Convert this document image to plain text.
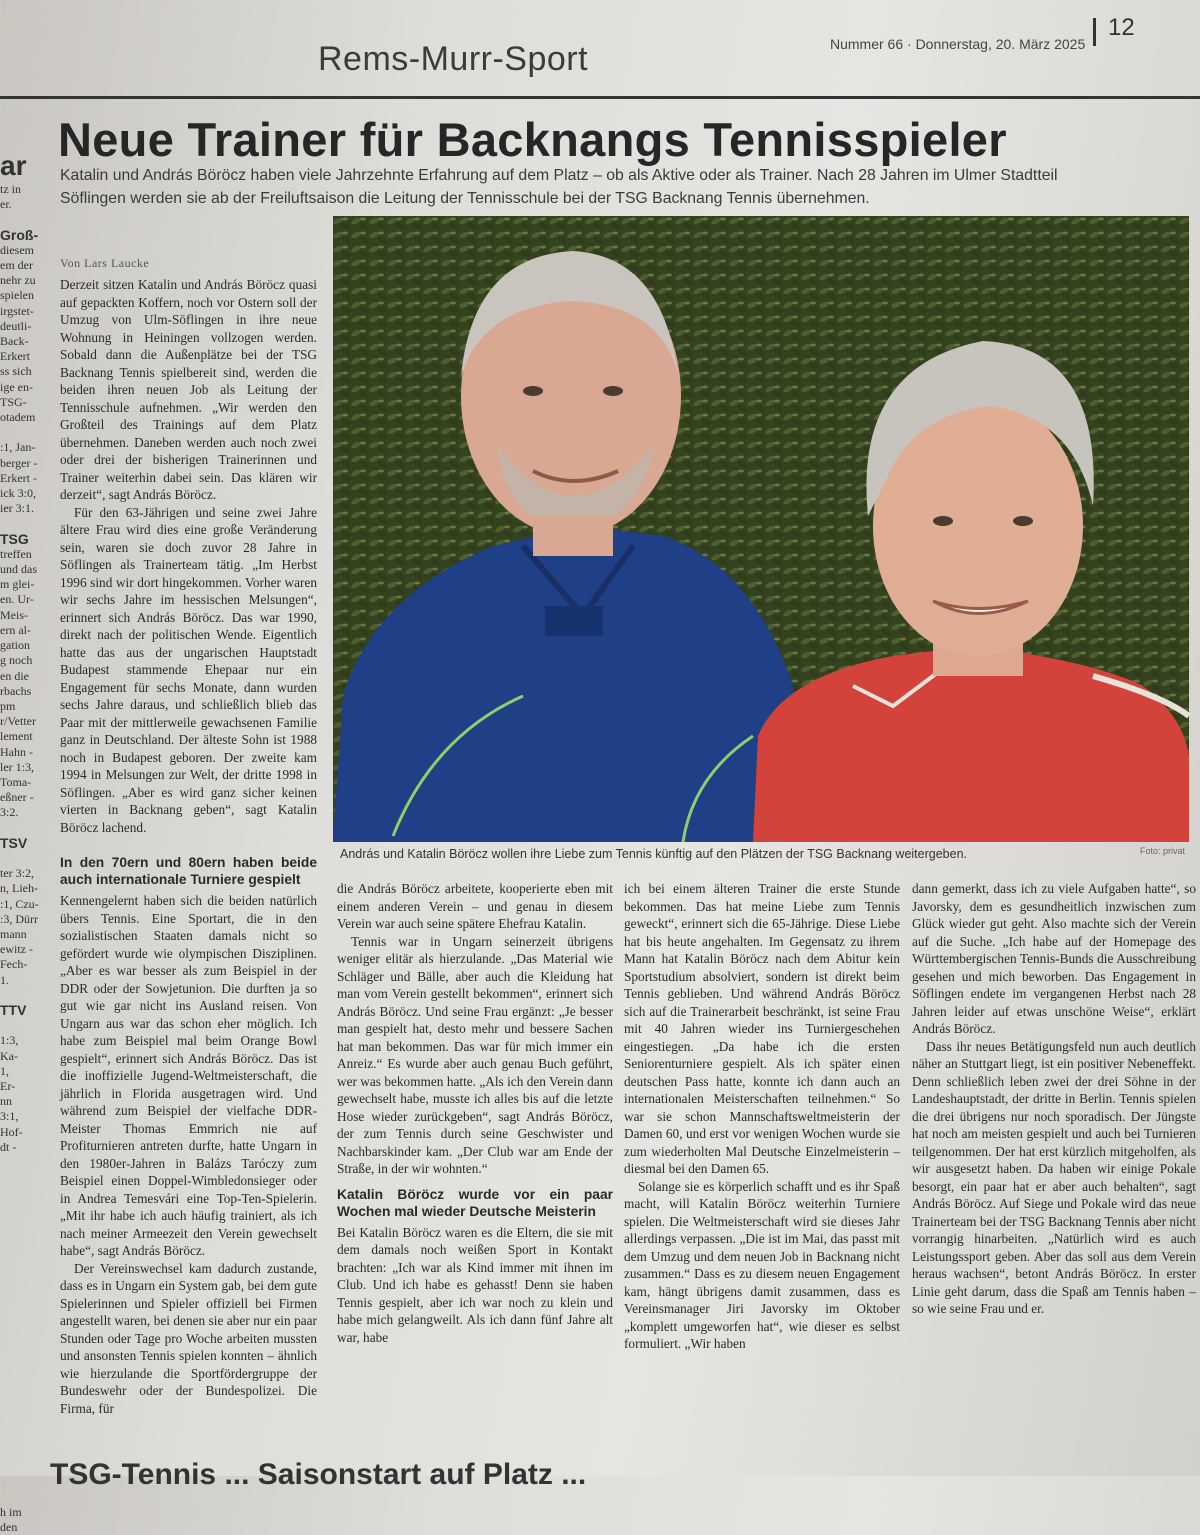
Rems-Murr-Sport	Nummer 66 · Donnerstag, 20. März 2025
12
ar

tz in

er.

Groß-

diesem

em der

nehr zu

spielen

irgstet-

deutli-

Back-

Erkert

ss sich

ige en-

TSG-

otadem

:1, Jan-

berger -

Erkert -

ick 3:0,

ier 3:1.

TSG

treffen

und das

m glei-

en. Ur-

Meis-

ern al-

gation

g noch

en die

rbachs

pm

r/Vetter

lement

Hahn -

ler 1:3,

Toma-

eßner -

3:2.

TSV

ter 3:2,

n, Lieh-

:1, Czu-

:3, Dürr

mann

ewitz -

Fech-

1.

TTV

1:3,

Ka-

1,

Er-

nn

3:1,

Hof-

dt -

h im

den

Neue Trainer für Backnangs Tennisspieler
Katalin und András Böröcz haben viele Jahrzehnte Erfahrung auf dem Platz – ob als Aktive oder als Trainer. Nach 28 Jahren im Ulmer Stadtteil Söflingen werden sie ab der Freiluftsaison die Leitung der Tennisschule bei der TSG Backnang Tennis übernehmen.
Von Lars Laucke

Derzeit sitzen Katalin und András Böröcz quasi auf gepackten Koffern, noch vor Ostern soll der Umzug von Ulm-Söflingen in ihre neue Wohnung in Heiningen vollzogen werden. Sobald dann die Außenplätze bei der TSG Backnang Tennis spielbereit sind, werden die beiden ihren neuen Job als Leitung der Tennisschule aufnehmen. „Wir werden den Großteil des Trainings auf dem Platz übernehmen. Daneben werden auch noch zwei oder drei der bisherigen Trainerinnen und Trainer weiterhin dabei sein. Das klären wir derzeit“, sagt András Böröcz.

Für den 63-Jährigen und seine zwei Jahre ältere Frau wird dies eine große Veränderung sein, waren sie doch zuvor 28 Jahre in Söflingen als Trainerteam tätig. „Im Herbst 1996 sind wir dort hingekommen. Vorher waren wir sechs Jahre im hessischen Melsungen“, erinnert sich András Böröcz. Das war 1990, direkt nach der politischen Wende. Eigentlich hatte das aus der ungarischen Hauptstadt Budapest stammende Ehepaar nur ein Engagement für sechs Monate, dann wurden sechs Jahre daraus, und schließlich blieb das Paar mit der mittlerweile gewachsenen Familie ganz in Deutschland. Der älteste Sohn ist 1988 noch in Budapest geboren. Der zweite kam 1994 in Melsungen zur Welt, der dritte 1998 in Söflingen. „Aber es wird ganz sicher keinen vierten in Backnang geben“, sagt Katalin Böröcz lachend.

In den 70ern und 80ern haben beide auch internationale Turniere gespielt

Kennengelernt haben sich die beiden natürlich übers Tennis. Eine Sportart, die in den sozialistischen Staaten damals nicht so gefördert wurde wie olympischen Disziplinen. „Aber es war besser als zum Beispiel in der DDR oder der Sowjetunion. Die durften ja so gut wie gar nicht ins Ausland reisen. Von Ungarn aus war das schon eher möglich. Ich habe zum Beispiel mal beim Orange Bowl gespielt“, erinnert sich András Böröcz. Das ist die inoffizielle Jugend-Weltmeisterschaft, die jährlich in Florida ausgetragen wird. Und während zum Beispiel der vielfache DDR-Meister Thomas Emmrich nie auf Profiturnieren antreten durfte, hatte Ungarn in den 1980er-Jahren in Balázs Taróczy zum Beispiel einen Doppel-Wimbledonsieger oder in Andrea Temesvári eine Top-Ten-Spielerin. „Mit ihr habe ich auch häufig trainiert, als ich nach meiner Armeezeit den Verein gewechselt habe“, sagt András Böröcz.

Der Vereinswechsel kam dadurch zustande, dass es in Ungarn ein System gab, bei dem gute Spielerinnen und Spieler offiziell bei Firmen angestellt waren, bei denen sie aber nur ein paar Stunden oder Tage pro Woche arbeiten mussten und ansonsten Tennis spielen konnten – ähnlich wie hierzulande die Sportfördergruppe der Bundeswehr oder der Bundespolizei. Die Firma, für

András und Katalin Böröcz wollen ihre Liebe zum Tennis künftig auf den Plätzen der TSG Backnang weitergeben.	Foto: privat

die András Böröcz arbeitete, kooperierte eben mit einem anderen Verein – und genau in diesem Verein war auch seine spätere Ehefrau Katalin.

Tennis war in Ungarn seinerzeit übrigens weniger elitär als hierzulande. „Das Material wie Schläger und Bälle, aber auch die Kleidung hat man vom Verein gestellt bekommen“, erinnert sich András Böröcz. Und seine Frau ergänzt: „Je besser man gespielt hat, desto mehr und bessere Sachen hat man bekommen. Das war für mich immer ein Anreiz.“ Es wurde aber auch genau Buch geführt, wer was bekommen hatte. „Als ich den Verein dann gewechselt habe, musste ich alles bis auf die letzte Hose wieder zurückgeben“, sagt András Böröcz, der zum Tennis durch seine Geschwister und Nachbarskinder kam. „Der Club war am Ende der Straße, in der wir wohnten.“

Katalin Böröcz wurde vor ein paar Wochen mal wieder Deutsche Meisterin

Bei Katalin Böröcz waren es die Eltern, die sie mit dem damals noch weißen Sport in Kontakt brachten: „Ich war als Kind immer mit ihnen im Club. Und ich habe es gehasst! Denn sie haben Tennis gespielt, aber ich war noch zu klein und habe mich gelangweilt. Als ich dann fünf Jahre alt war, habe

ich bei einem älteren Trainer die erste Stunde bekommen. Das hat meine Liebe zum Tennis geweckt“, erinnert sich die 65-Jährige. Diese Liebe hat bis heute angehalten. Im Gegensatz zu ihrem Mann hat Katalin Böröcz nach dem Abitur kein Sportstudium absolviert, sondern ist direkt beim Tennis geblieben. Und während András Böröcz sich auf die Trainerarbeit beschränkt, ist seine Frau mit 40 Jahren wieder ins Turniergeschehen eingestiegen. „Da habe ich die ersten Seniorenturniere gespielt. Als ich später einen deutschen Pass hatte, konnte ich dann auch an internationalen Meisterschaften teilnehmen.“ So war sie schon Mannschaftsweltmeisterin der Damen 60, und erst vor wenigen Wochen wurde sie zum wiederholten Mal Deutsche Einzelmeisterin – diesmal bei den Damen 65.

Solange sie es körperlich schafft und es ihr Spaß macht, will Katalin Böröcz weiterhin Turniere spielen. Die Weltmeisterschaft wird sie dieses Jahr allerdings verpassen. „Die ist im Mai, das passt mit dem Umzug und dem neuen Job in Backnang nicht zusammen.“ Dass es zu diesem neuen Engagement kam, hängt übrigens damit zusammen, dass es Vereinsmanager Jiri Javorsky im Oktober „komplett umgeworfen hat“, wie dieser es selbst formuliert. „Wir haben

dann gemerkt, dass ich zu viele Aufgaben hatte“, so Javorsky, dem es gesundheitlich inzwischen zum Glück wieder gut geht. Also machte sich der Verein auf die Suche. „Ich habe auf der Homepage des Württembergischen Tennis-Bunds die Ausschreibung gesehen und mich beworben. Das Engagement in Söflingen endete im vergangenen Herbst nach 28 Jahren leider auf etwas unschöne Weise“, erklärt András Böröcz.

Dass ihr neues Betätigungsfeld nun auch deutlich näher an Stuttgart liegt, ist ein positiver Nebeneffekt. Denn schließlich leben zwei der drei Söhne in der Landeshauptstadt, der dritte in Berlin. Tennis spielen die drei übrigens nur noch sporadisch. Der Jüngste hat noch am meisten gespielt und auch bei Turnieren teilgenommen. Der hat erst kürzlich mitgeholfen, als wir ausgesetzt haben. Da haben wir einige Pokale besorgt, ein paar hat er aber auch behalten“, sagt András Böröcz. Auf Siege und Pokale wird das neue Trainerteam bei der TSG Backnang Tennis aber nicht vorrangig hinarbeiten. „Natürlich wird es auch Leistungssport geben. Aber das soll aus dem Verein heraus wachsen“, betont András Böröcz. In erster Linie geht darum, dass die Spaß am Tennis haben – so wie seine Frau und er.

TSG-Tennis ... Saisonstart auf Platz ...
